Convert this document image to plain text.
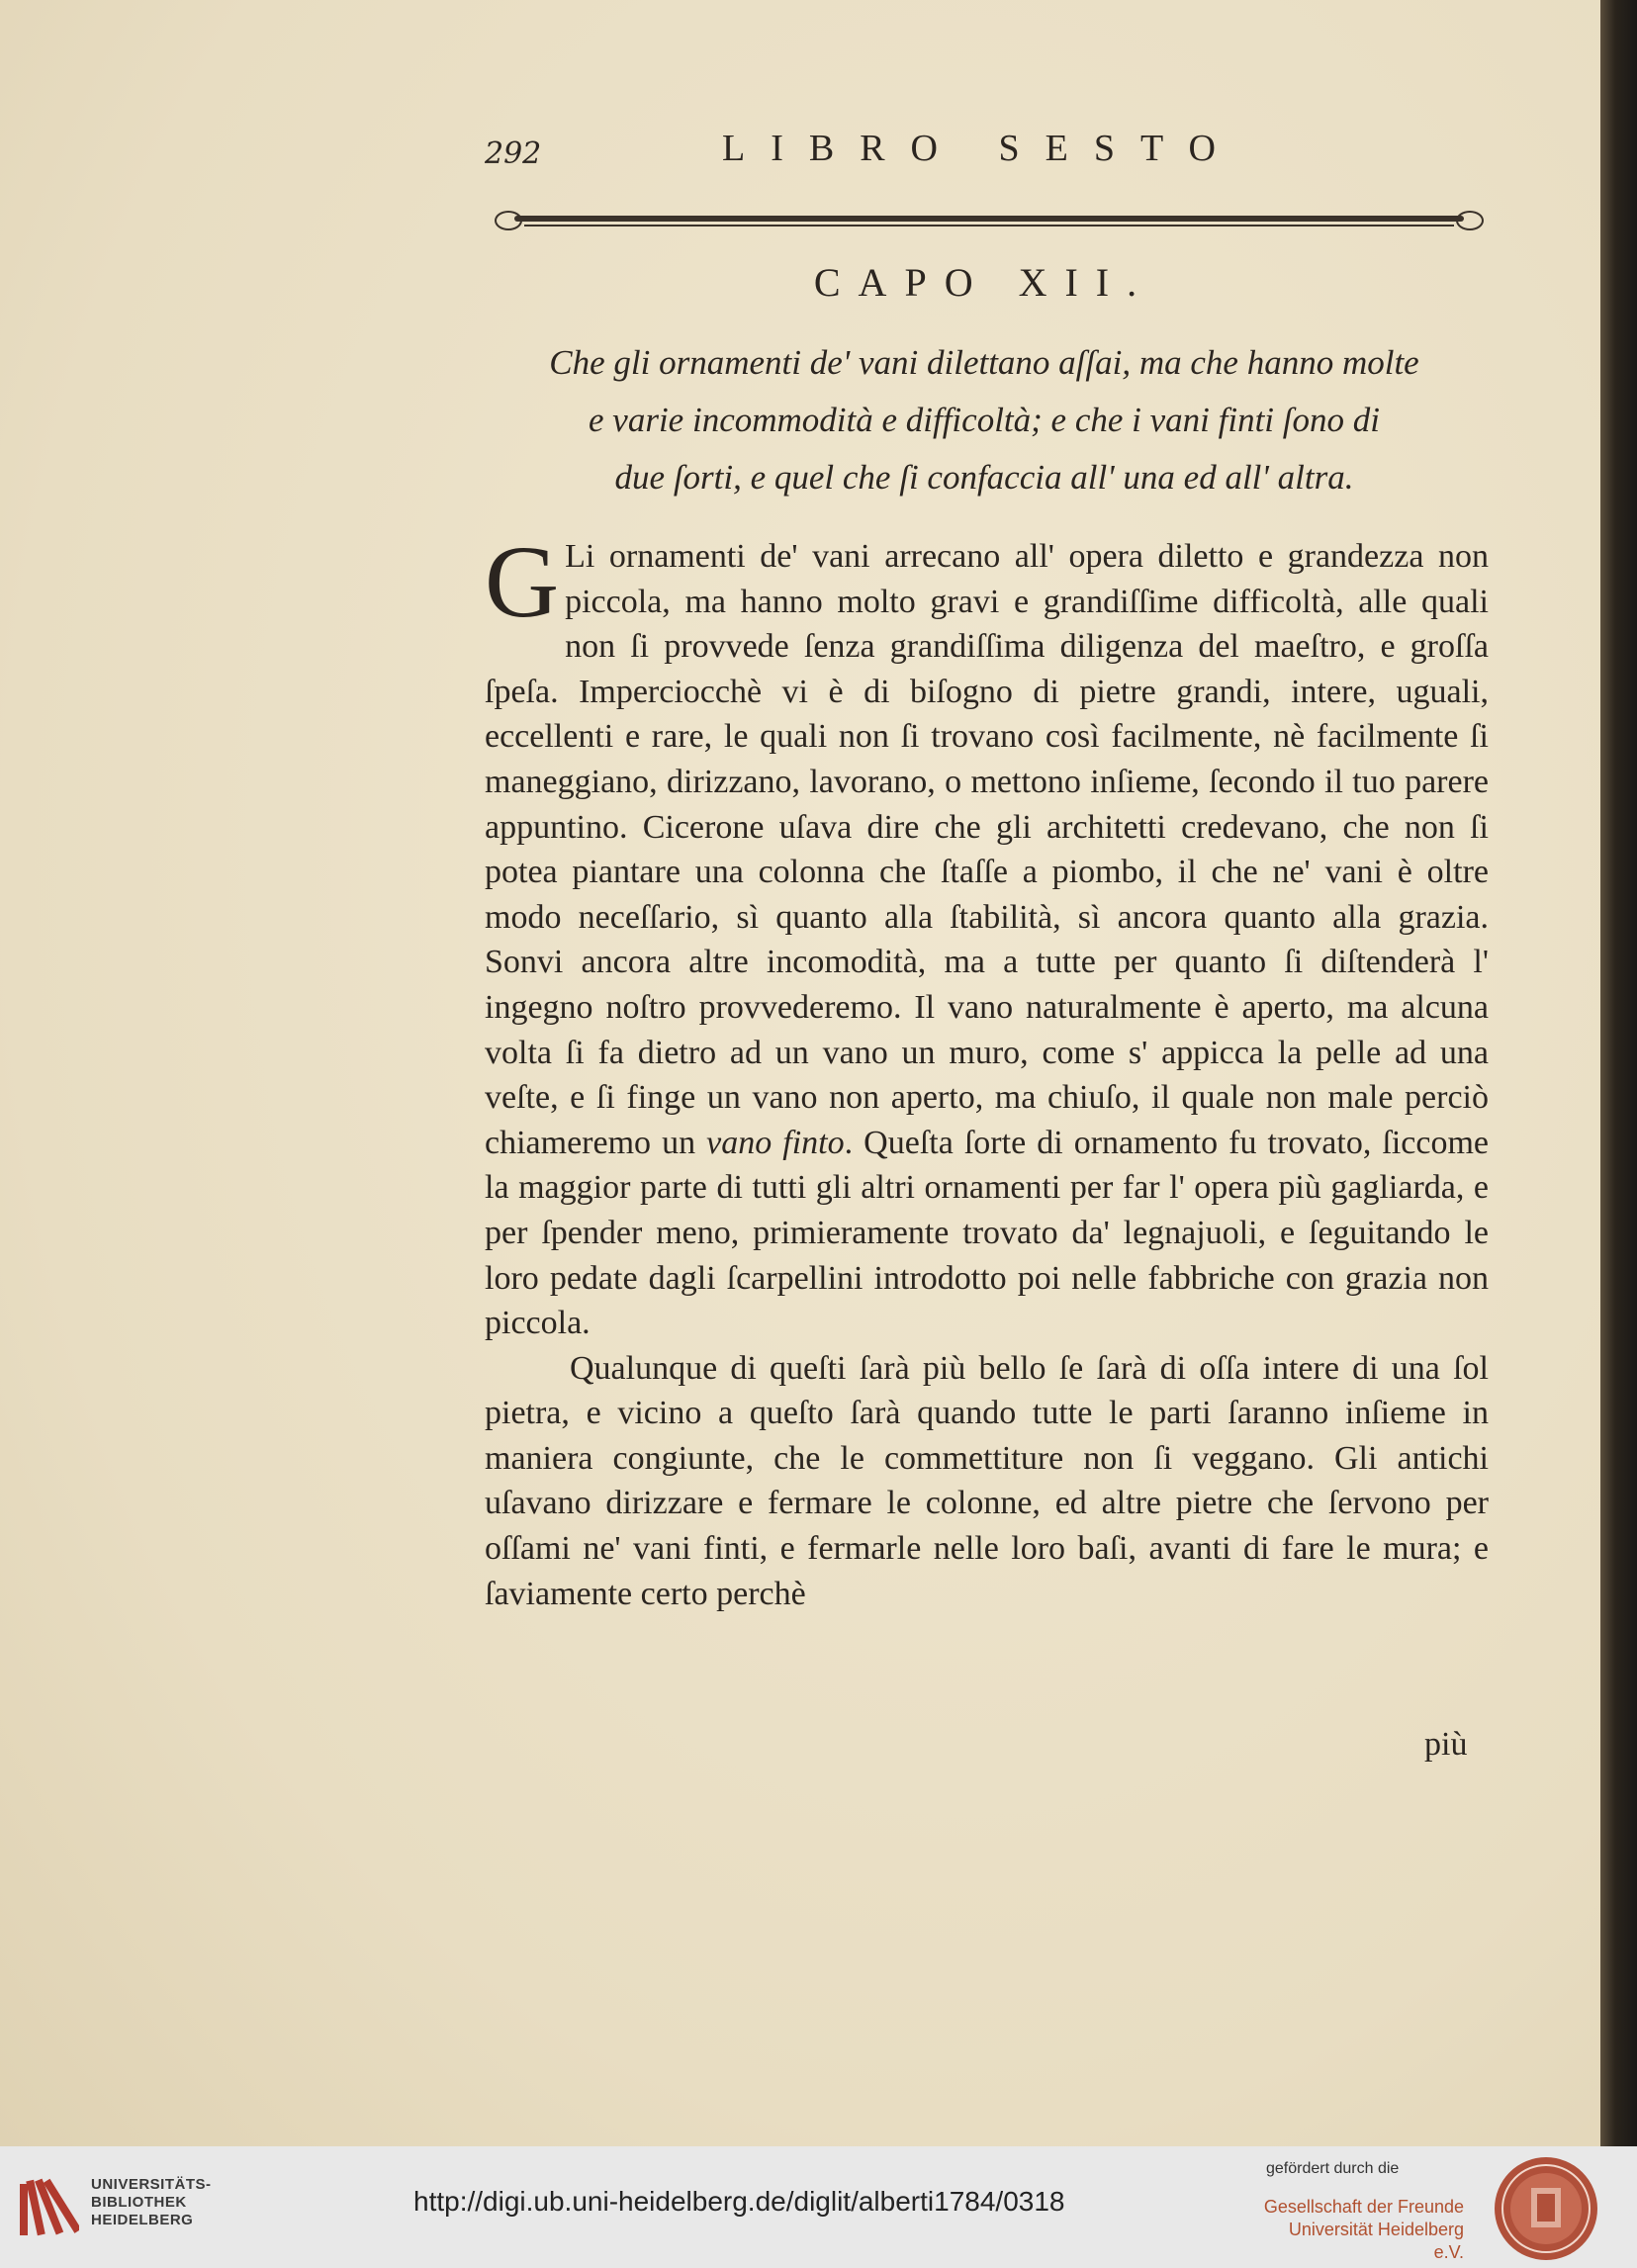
292	LIBRO SESTO
CAPO XII.
Che gli ornamenti de' vani dilettano aſſai, ma che hanno molte
e varie incommodità e difficoltà; e che i vani finti ſono di
due ſorti, e quel che ſi confaccia all' una ed all' altra.

G Li ornamenti de' vani arrecano all' opera diletto e grandezza non piccola, ma hanno molto gravi e grandiſſime difficoltà, alle quali non ſi provvede ſenza grandiſſima diligenza del maeſtro, e groſſa ſpeſa. Imperciocchè vi è di biſogno di pietre grandi, intere, uguali, eccellenti e rare, le quali non ſi trovano così facilmente, nè facilmente ſi maneggiano, dirizzano, lavorano, o mettono inſieme, ſecondo il tuo parere appuntino. Cicerone uſava dire che gli architetti credevano, che non ſi potea piantare una colonna che ſtaſſe a piombo, il che ne' vani è oltre modo neceſſario, sì quanto alla ſtabilità, sì ancora quanto alla grazia. Sonvi ancora altre incomodità, ma a tutte per quanto ſi diſtenderà l' ingegno noſtro provvederemo. Il vano naturalmente è aperto, ma alcuna volta ſi fa dietro ad un vano un muro, come s' appicca la pelle ad una veſte, e ſi finge un vano non aperto, ma chiuſo, il quale non male perciò chiameremo un vano finto. Queſta ſorte di ornamento fu trovato, ſiccome la maggior parte di tutti gli altri ornamenti per far l' opera più gagliarda, e per ſpender meno, primieramente trovato da' legnajuoli, e ſeguitando le loro pedate dagli ſcarpellini introdotto poi nelle fabbriche con grazia non piccola.

Qualunque di queſti ſarà più bello ſe ſarà di oſſa intere di una ſol pietra, e vicino a queſto ſarà quando tutte le parti ſaranno inſieme in maniera congiunte, che le commettiture non ſi veggano. Gli antichi uſavano dirizzare e fermare le colonne, ed altre pietre che ſervono per oſſami ne' vani finti, e fermarle nelle loro baſi, avanti di fare le mura; e ſaviamente certo perchè

più
UNIVERSITÄTS-
BIBLIOTHEK
HEIDELBERG
http://digi.ub.uni-heidelberg.de/diglit/alberti1784/0318
gefördert durch die
Gesellschaft der Freunde
Universität Heidelberg e.V.
